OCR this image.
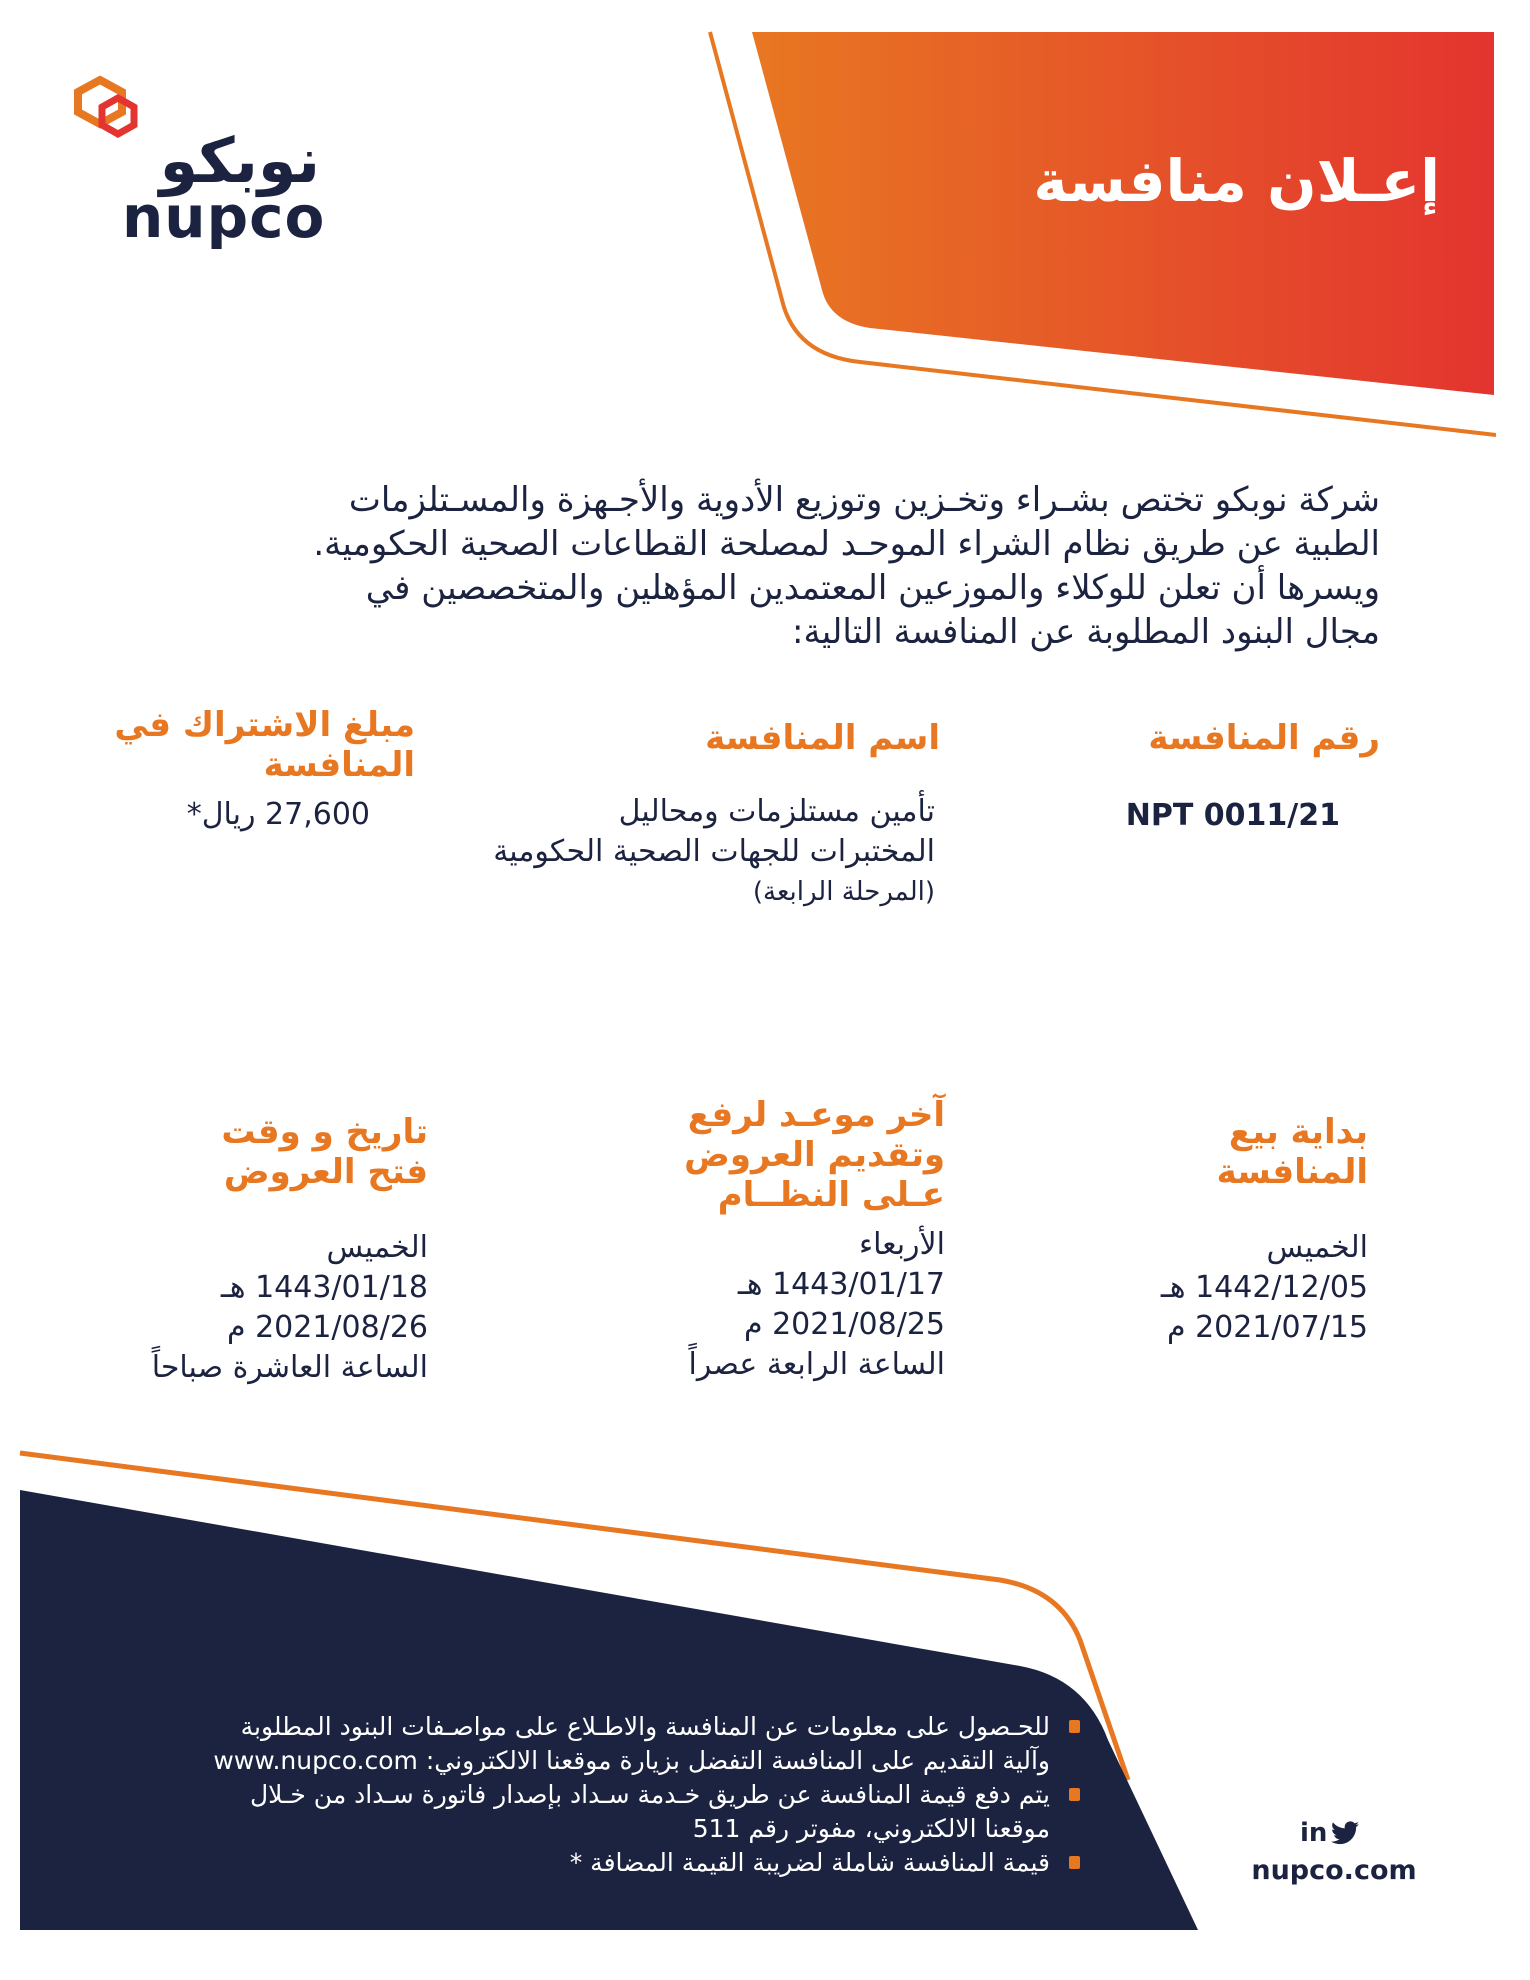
نوبكو
nupco
إعـلان منافسة
شركة نوبكو تختص بشـراء وتخـزين وتوزيع الأدوية والأجـهزة والمسـتلزمات
الطبية عن طريق نظام الشراء الموحـد لمصلحة القطاعات الصحية الحكومية.
ويسرها أن تعلن للوكلاء والموزعين المعتمدين المؤهلين والمتخصصين في
مجال البنود المطلوبة عن المنافسة التالية:
رقم المنافسة
NPT 0011/21
اسم المنافسة
تأمين مستلزمات ومحاليل
المختبرات للجهات الصحية الحكومية
(المرحلة الرابعة)
مبلغ الاشتراك في
المنافسة
27,600 ريال*
بداية بيع
المنافسة
الخميس
1442/12/05 هـ
2021/07/15 م
آخر موعـد لرفع
وتقديم العروض
عـلى النظــام
الأربعاء
1443/01/17 هـ
2021/08/25 م
الساعة الرابعة عصراً
تاريخ و وقت
فتح العروض
الخميس
1443/01/18 هـ
2021/08/26 م
الساعة العاشرة صباحاً
للحـصول على معلومات عن المنافسة والاطـلاع على مواصـفات البنود المطلوبة
وآلية التقديم على المنافسة التفضل بزيارة موقعنا الالكتروني: www.nupco.com
يتم دفع قيمة المنافسة عن طريق خـدمة سـداد بإصدار فاتورة سـداد من خـلال
موقعنا الالكتروني، مفوتر رقم 511
قيمة المنافسة شاملة لضريبة القيمة المضافة *
in
nupco.com
